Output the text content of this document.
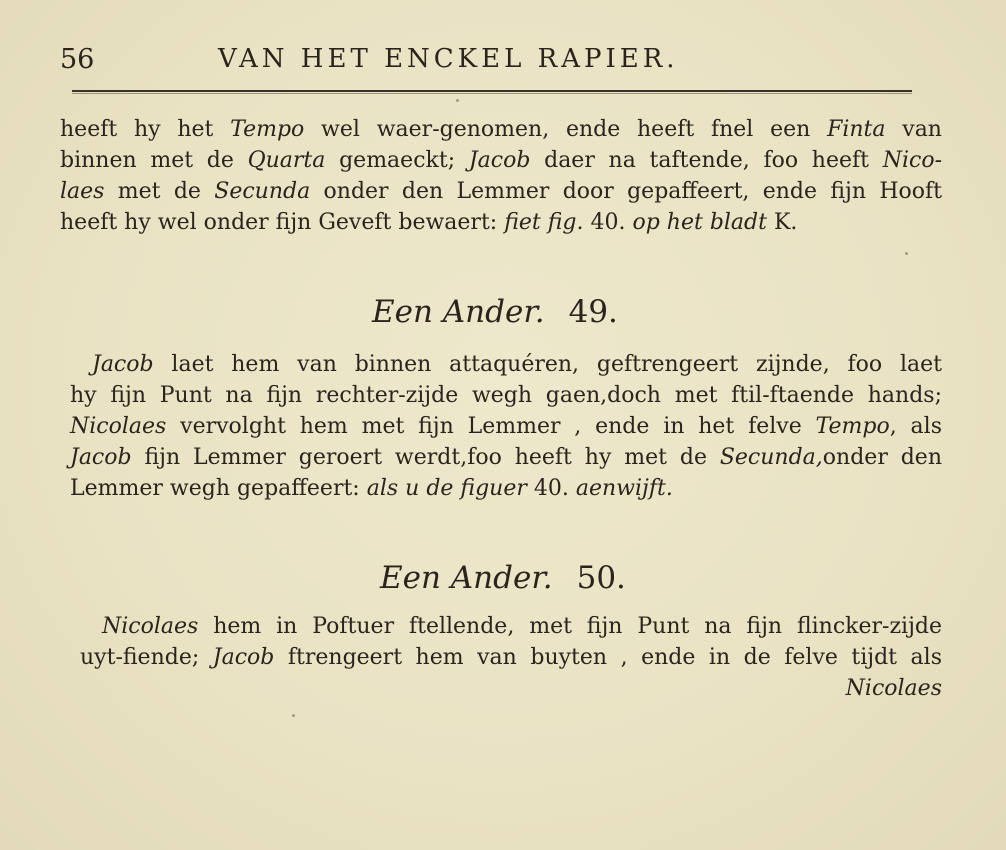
56	VAN HET ENCKEL RAPIER.
heeft hy het Tempo wel waer-genomen, ende heeft fnel een Finta van
binnen met de Quarta gemaeckt; Jacob daer na taftende, foo heeft Nico-
laes met de Secunda onder den Lemmer door gepaffeert, ende fijn Hooft
heeft hy wel onder fijn Geveft bewaert: fiet fig. 40. op het bladt K.
Een Ander. 49.
Jacob laet hem van binnen attaquéren, geftrengeert zijnde, foo laet
hy fijn Punt na fijn rechter-zijde wegh gaen,doch met ftil-ftaende hands;
Nicolaes vervolght hem met fijn Lemmer , ende in het felve Tempo, als
Jacob fijn Lemmer geroert werdt,foo heeft hy met de Secunda,onder den
Lemmer wegh gepaffeert: als u de figuer 40. aenwijft.
Een Ander. 50.
Nicolaes hem in Poftuer ftellende, met fijn Punt na fijn flincker-zijde
uyt-fiende; Jacob ftrengeert hem van buyten , ende in de felve tijdt als
Nicolaes
